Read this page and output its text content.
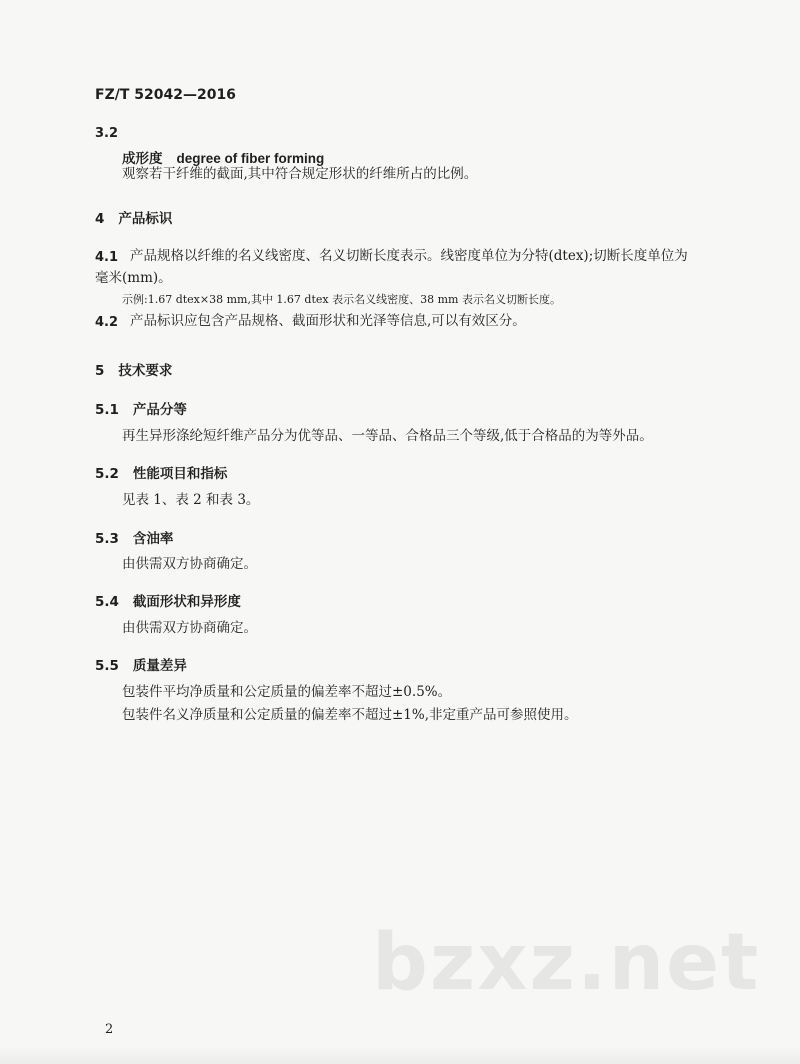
FZ/T 52042—2016
3.2
成形度 degree of fiber forming
观察若干纤维的截面,其中符合规定形状的纤维所占的比例。
4 产品标识
4.1 产品规格以纤维的名义线密度、名义切断长度表示。线密度单位为分特(dtex);切断长度单位为
毫米(mm)。
示例:1.67 dtex×38 mm,其中 1.67 dtex 表示名义线密度、38 mm 表示名义切断长度。
4.2 产品标识应包含产品规格、截面形状和光泽等信息,可以有效区分。
5 技术要求
5.1 产品分等
再生异形涤纶短纤维产品分为优等品、一等品、合格品三个等级,低于合格品的为等外品。
5.2 性能项目和指标
见表 1、表 2 和表 3。
5.3 含油率
由供需双方协商确定。
5.4 截面形状和异形度
由供需双方协商确定。
5.5 质量差异
包装件平均净质量和公定质量的偏差率不超过±0.5%。
包装件名义净质量和公定质量的偏差率不超过±1%,非定重产品可参照使用。
bzxz.net
2
